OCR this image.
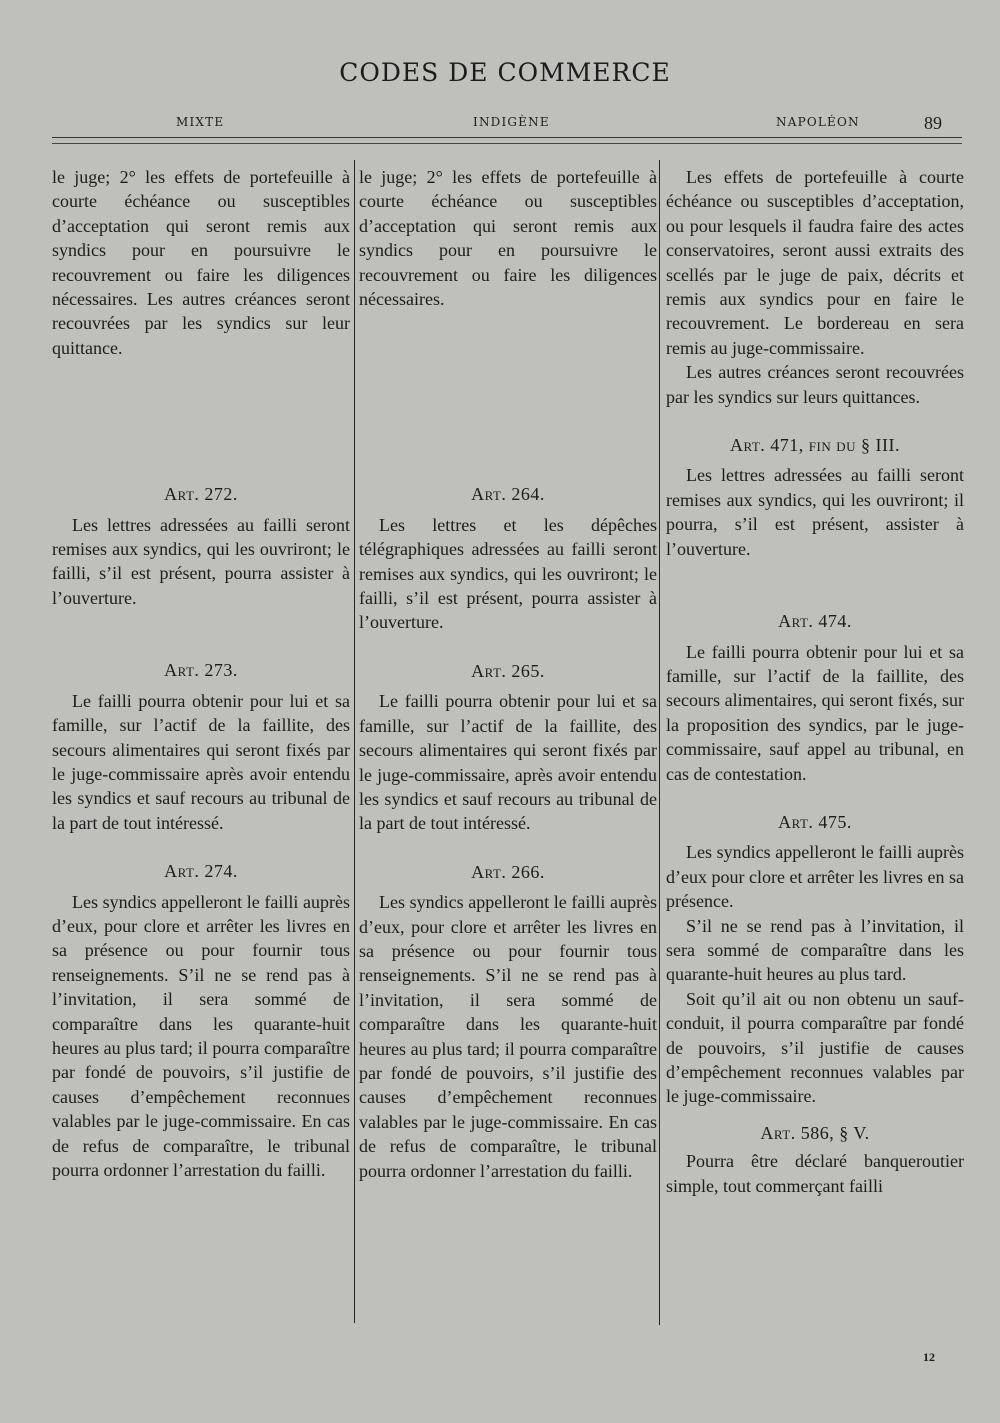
CODES DE COMMERCE
MIXTE	INDIGÈNE	NAPOLÉON	89

le juge; 2° les effets de portefeuille à courte échéance ou susceptibles d’acceptation qui seront remis aux syndics pour en poursuivre le recouvrement ou faire les diligences nécessaires. Les autres créances seront recouvrées par les syndics sur leur quittance.

Art. 272.

Les lettres adressées au failli seront remises aux syndics, qui les ouvriront; le failli, s’il est présent, pourra assister à l’ouverture.

Art. 273.

Le failli pourra obtenir pour lui et sa famille, sur l’actif de la faillite, des secours alimentaires qui seront fixés par le juge-commissaire après avoir entendu les syndics et sauf recours au tribunal de la part de tout intéressé.

Art. 274.

Les syndics appelleront le failli auprès d’eux, pour clore et arrêter les livres en sa présence ou pour fournir tous renseignements. S’il ne se rend pas à l’invitation, il sera sommé de comparaître dans les quarante-huit heures au plus tard; il pourra comparaître par fondé de pouvoirs, s’il justifie de causes d’empêchement reconnues valables par le juge-commissaire. En cas de refus de comparaître, le tribunal pourra ordonner l’arrestation du failli.

le juge; 2° les effets de portefeuille à courte échéance ou susceptibles d’acceptation qui seront remis aux syndics pour en poursuivre le recouvrement ou faire les diligences nécessaires.

Art. 264.

Les lettres et les dépêches télégraphiques adressées au failli seront remises aux syndics, qui les ouvriront; le failli, s’il est présent, pourra assister à l’ouverture.

Art. 265.

Le failli pourra obtenir pour lui et sa famille, sur l’actif de la faillite, des secours alimentaires qui seront fixés par le juge-commissaire, après avoir entendu les syndics et sauf recours au tribunal de la part de tout intéressé.

Art. 266.

Les syndics appelleront le failli auprès d’eux, pour clore et arrêter les livres en sa présence ou pour fournir tous renseignements. S’il ne se rend pas à l’invitation, il sera sommé de comparaître dans les quarante-huit heures au plus tard; il pourra comparaître par fondé de pouvoirs, s’il justifie des causes d’empêchement reconnues valables par le juge-commissaire. En cas de refus de comparaître, le tribunal pourra ordonner l’arrestation du failli.

Les effets de portefeuille à courte échéance ou susceptibles d’acceptation, ou pour lesquels il faudra faire des actes conservatoires, seront aussi extraits des scellés par le juge de paix, décrits et remis aux syndics pour en faire le recouvrement. Le bordereau en sera remis au juge-commissaire.

Les autres créances seront recouvrées par les syndics sur leurs quittances.

Art. 471, fin du § III.

Les lettres adressées au failli seront remises aux syndics, qui les ouvriront; il pourra, s’il est présent, assister à l’ouverture.

Art. 474.

Le failli pourra obtenir pour lui et sa famille, sur l’actif de la faillite, des secours alimentaires, qui seront fixés, sur la proposition des syndics, par le juge-commissaire, sauf appel au tribunal, en cas de contestation.

Art. 475.

Les syndics appelleront le failli auprès d’eux pour clore et arrêter les livres en sa présence.

S’il ne se rend pas à l’invitation, il sera sommé de comparaître dans les quarante-huit heures au plus tard.

Soit qu’il ait ou non obtenu un sauf-conduit, il pourra comparaître par fondé de pouvoirs, s’il justifie de causes d’empêchement reconnues valables par le juge-commissaire.

Art. 586, § V.

Pourra être déclaré banqueroutier simple, tout commerçant failli

12
